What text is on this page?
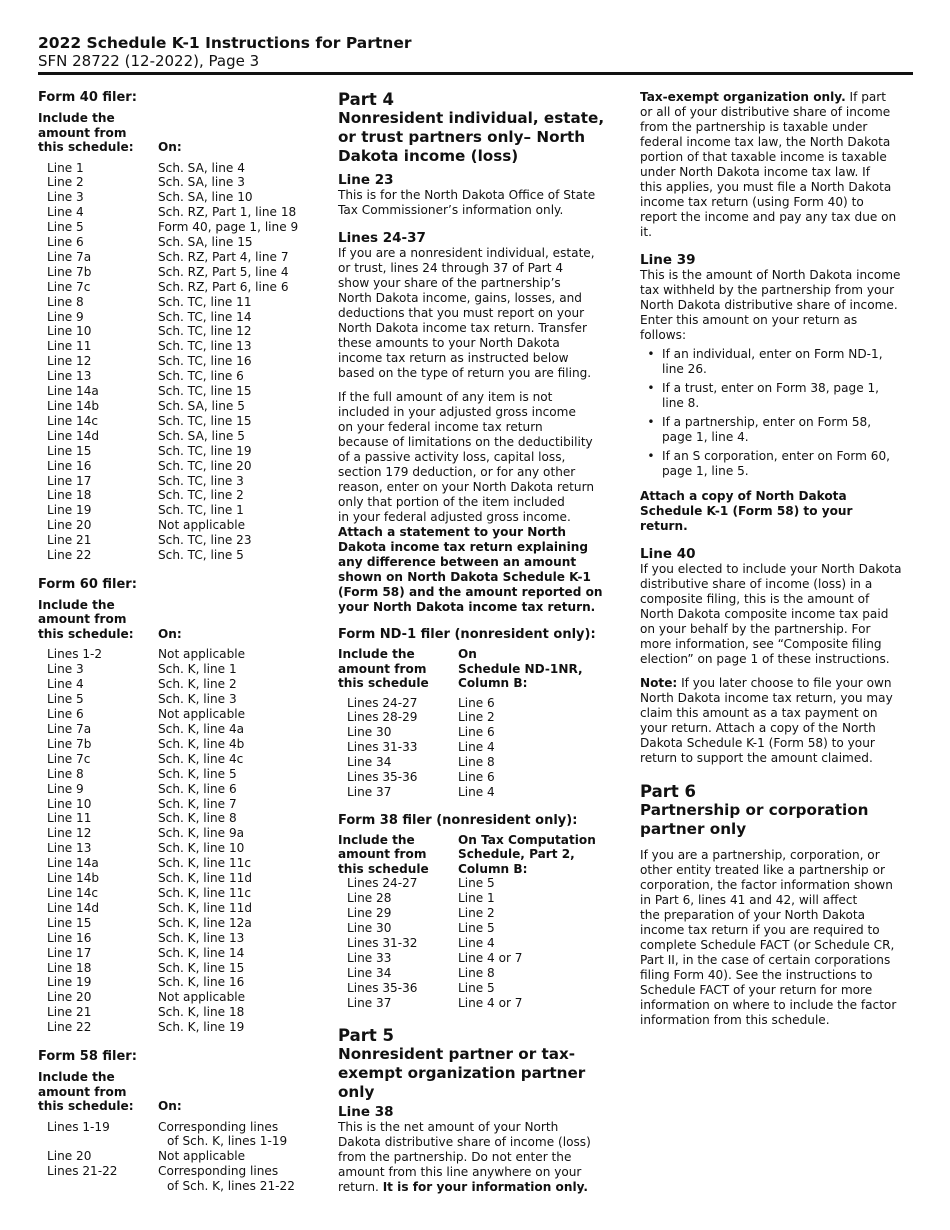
2022 Schedule K-1 Instructions for Partner
SFN 28722 (12-2022), Page 3
Form 40 filer:
Include the
amount from
this schedule:

	On:
Line 1	Sch. SA, line 4
Line 2	Sch. SA, line 3
Line 3	Sch. SA, line 10
Line 4	Sch. RZ, Part 1, line 18
Line 5	Form 40, page 1, line 9
Line 6	Sch. SA, line 15
Line 7a	Sch. RZ, Part 4, line 7
Line 7b	Sch. RZ, Part 5, line 4
Line 7c	Sch. RZ, Part 6, line 6
Line 8	Sch. TC, line 11
Line 9	Sch. TC, line 14
Line 10	Sch. TC, line 12
Line 11	Sch. TC, line 13
Line 12	Sch. TC, line 16
Line 13	Sch. TC, line 6
Line 14a	Sch. TC, line 15
Line 14b	Sch. SA, line 5
Line 14c	Sch. TC, line 15
Line 14d	Sch. SA, line 5
Line 15	Sch. TC, line 19
Line 16	Sch. TC, line 20
Line 17	Sch. TC, line 3
Line 18	Sch. TC, line 2
Line 19	Sch. TC, line 1
Line 20	Not applicable
Line 21	Sch. TC, line 23
Line 22	Sch. TC, line 5
Form 60 filer:
Include the
amount from
this schedule:

	On:
Lines 1-2	Not applicable
Line 3	Sch. K, line 1
Line 4	Sch. K, line 2
Line 5	Sch. K, line 3
Line 6	Not applicable
Line 7a	Sch. K, line 4a
Line 7b	Sch. K, line 4b
Line 7c	Sch. K, line 4c
Line 8	Sch. K, line 5
Line 9	Sch. K, line 6
Line 10	Sch. K, line 7
Line 11	Sch. K, line 8
Line 12	Sch. K, line 9a
Line 13	Sch. K, line 10
Line 14a	Sch. K, line 11c
Line 14b	Sch. K, line 11d
Line 14c	Sch. K, line 11c
Line 14d	Sch. K, line 11d
Line 15	Sch. K, line 12a
Line 16	Sch. K, line 13
Line 17	Sch. K, line 14
Line 18	Sch. K, line 15
Line 19	Sch. K, line 16
Line 20	Not applicable
Line 21	Sch. K, line 18
Line 22	Sch. K, line 19
Form 58 filer:
Include the
amount from
this schedule:

	On:
Lines 1-19	Corresponding lines
of Sch. K, lines 1-19
Line 20	Not applicable
Lines 21-22	Corresponding lines
of Sch. K, lines 21-22
Part 4
Nonresident individual, estate,
or trust partners only– North
Dakota income (loss)
Line 23

This is for the North Dakota Office of State
Tax Commissioner’s information only.

Lines 24-37

If you are a nonresident individual, estate,
or trust, lines 24 through 37 of Part 4
show your share of the partnership’s
North Dakota income, gains, losses, and
deductions that you must report on your
North Dakota income tax return. Transfer
these amounts to your North Dakota
income tax return as instructed below
based on the type of return you are filing.

If the full amount of any item is not
included in your adjusted gross income
on your federal income tax return
because of limitations on the deductibility
of a passive activity loss, capital loss,
section 179 deduction, or for any other
reason, enter on your North Dakota return
only that portion of the item included
in your federal adjusted gross income.

Attach a statement to your North
Dakota income tax return explaining
any difference between an amount
shown on North Dakota Schedule K-1
(Form 58) and the amount reported on
your North Dakota income tax return.

Form ND-1 filer (nonresident only):
Include the
amount from
this schedule
On
Schedule ND-1NR,
Column B:
Lines 24-27	Line 6
Lines 28-29	Line 2
Line 30	Line 6
Lines 31-33	Line 4
Line 34	Line 8
Lines 35-36	Line 6
Line 37	Line 4
Form 38 filer (nonresident only):
Include the
amount from
this schedule
On Tax Computation
Schedule, Part 2,
Column B:
Lines 24-27	Line 5
Line 28	Line 1
Line 29	Line 2
Line 30	Line 5
Lines 31-32	Line 4
Line 33	Line 4 or 7
Line 34	Line 8
Lines 35-36	Line 5
Line 37	Line 4 or 7
Part 5
Nonresident partner or tax-
exempt organization partner
only
Line 38

This is the net amount of your North
Dakota distributive share of income (loss)
from the partnership. Do not enter the
amount from this line anywhere on your

return. It is for your information only.

Tax-exempt organization only. If part

or all of your distributive share of income
from the partnership is taxable under
federal income tax law, the North Dakota
portion of that taxable income is taxable
under North Dakota income tax law. If
this applies, you must file a North Dakota
income tax return (using Form 40) to
report the income and pay any tax due on
it.

Line 39

This is the amount of North Dakota income
tax withheld by the partnership from your
North Dakota distributive share of income.
Enter this amount on your return as
follows:

• If an individual, enter on Form ND-1,
line 26.
• If a trust, enter on Form 38, page 1,
line 8.
• If a partnership, enter on Form 58,
page 1, line 4.
• If an S corporation, enter on Form 60,
page 1, line 5.

Attach a copy of North Dakota
Schedule K-1 (Form 58) to your
return.

Line 40

If you elected to include your North Dakota
distributive share of income (loss) in a
composite filing, this is the amount of
North Dakota composite income tax paid
on your behalf by the partnership. For
more information, see “Composite filing
election” on page 1 of these instructions.

Note: If you later choose to file your own

North Dakota income tax return, you may
claim this amount as a tax payment on
your return. Attach a copy of the North
Dakota Schedule K-1 (Form 58) to your
return to support the amount claimed.

Part 6
Partnership or corporation
partner only

If you are a partnership, corporation, or
other entity treated like a partnership or
corporation, the factor information shown
in Part 6, lines 41 and 42, will affect
the preparation of your North Dakota
income tax return if you are required to
complete Schedule FACT (or Schedule CR,
Part II, in the case of certain corporations
filing Form 40). See the instructions to
Schedule FACT of your return for more
information on where to include the factor
information from this schedule.
